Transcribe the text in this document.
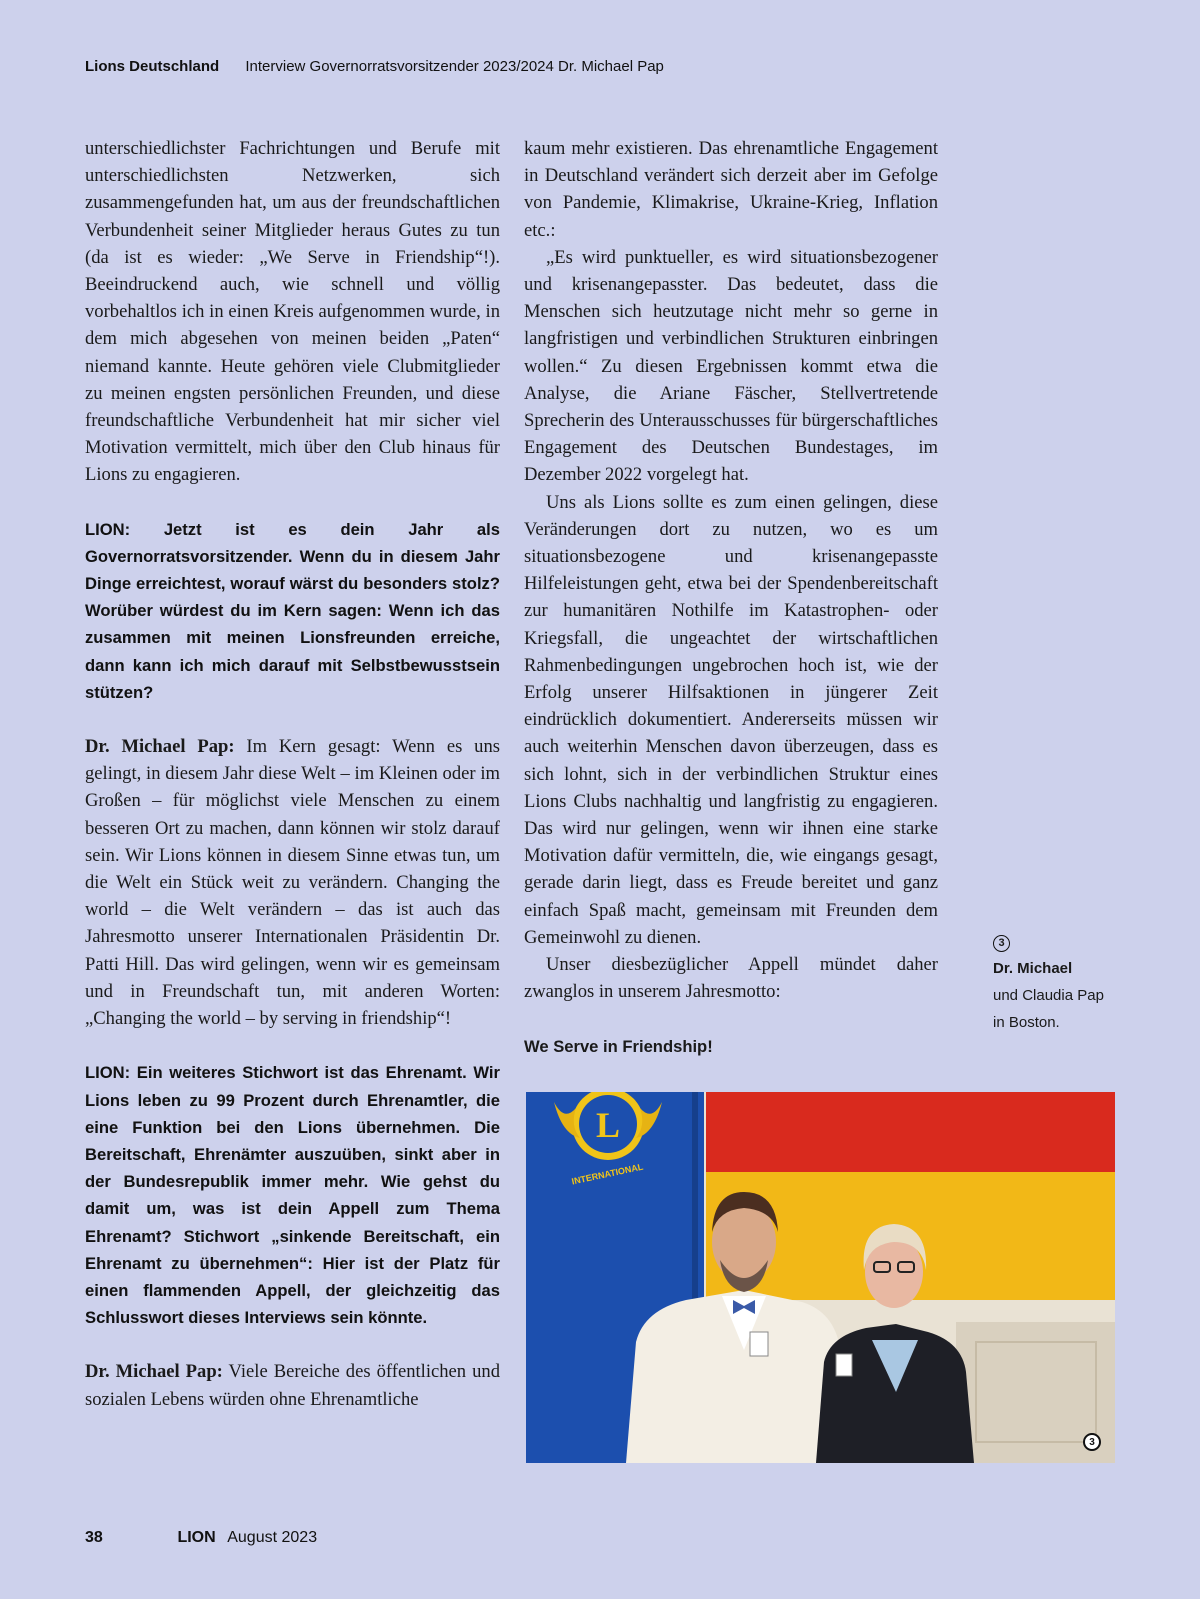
Lions Deutschland Interview Governorratsvorsitzender 2023/2024 Dr. Michael Pap

unterschiedlichster Fachrichtungen und Berufe mit unterschiedlichsten Netzwerken, sich zusammengefunden hat, um aus der freundschaftlichen Verbundenheit seiner Mitglieder heraus Gutes zu tun (da ist es wieder: „We Serve in Friendship“!). Beeindruckend auch, wie schnell und völlig vorbehaltlos ich in einen Kreis aufgenommen wurde, in dem mich abgesehen von meinen beiden „Paten“ niemand kannte. Heute gehören viele Clubmitglieder zu meinen engsten persönlichen Freunden, und diese freundschaftliche Verbundenheit hat mir sicher viel Motivation vermittelt, mich über den Club hinaus für Lions zu engagieren.

LION: Jetzt ist es dein Jahr als Governorratsvorsitzender. Wenn du in diesem Jahr Dinge erreichtest, worauf wärst du besonders stolz? Worüber würdest du im Kern sagen: Wenn ich das zusammen mit meinen Lionsfreunden erreiche, dann kann ich mich darauf mit Selbstbewusstsein stützen?

Dr. Michael Pap: Im Kern gesagt: Wenn es uns gelingt, in diesem Jahr diese Welt – im Kleinen oder im Großen – für möglichst viele Menschen zu einem besseren Ort zu machen, dann können wir stolz darauf sein. Wir Lions können in diesem Sinne etwas tun, um die Welt ein Stück weit zu verändern. Changing the world – die Welt verändern – das ist auch das Jahresmotto unserer Internationalen Präsidentin Dr. Patti Hill. Das wird gelingen, wenn wir es gemeinsam und in Freundschaft tun, mit anderen Worten: „Changing the world – by serving in friendship“!

LION: Ein weiteres Stichwort ist das Ehrenamt. Wir Lions leben zu 99 Prozent durch Ehrenamtler, die eine Funktion bei den Lions übernehmen. Die Bereitschaft, Ehrenämter auszuüben, sinkt aber in der Bundesrepublik immer mehr. Wie gehst du damit um, was ist dein Appell zum Thema Ehrenamt? Stichwort „sinkende Bereitschaft, ein Ehrenamt zu übernehmen“: Hier ist der Platz für einen flammenden Appell, der gleichzeitig das Schlusswort dieses Interviews sein könnte.

Dr. Michael Pap: Viele Bereiche des öffentlichen und sozialen Lebens würden ohne Ehrenamtliche

kaum mehr existieren. Das ehrenamtliche Engagement in Deutschland verändert sich derzeit aber im Gefolge von Pandemie, Klimakrise, Ukraine-Krieg, Inflation etc.:

„Es wird punktueller, es wird situationsbezogener und krisenangepasster. Das bedeutet, dass die Menschen sich heutzutage nicht mehr so gerne in langfristigen und verbindlichen Strukturen einbringen wollen.“ Zu diesen Ergebnissen kommt etwa die Analyse, die Ariane Fäscher, Stellvertretende Sprecherin des Unterausschusses für bürgerschaftliches Engagement des Deutschen Bundestages, im Dezember 2022 vorgelegt hat.

Uns als Lions sollte es zum einen gelingen, diese Veränderungen dort zu nutzen, wo es um situationsbezogene und krisenangepasste Hilfeleistungen geht, etwa bei der Spendenbereitschaft zur humanitären Nothilfe im Katastrophen- oder Kriegsfall, die ungeachtet der wirtschaftlichen Rahmenbedingungen ungebrochen hoch ist, wie der Erfolg unserer Hilfsaktionen in jüngerer Zeit eindrücklich dokumentiert. Andererseits müssen wir auch weiterhin Menschen davon überzeugen, dass es sich lohnt, sich in der verbindlichen Struktur eines Lions Clubs nachhaltig und langfristig zu engagieren. Das wird nur gelingen, wenn wir ihnen eine starke Motivation dafür vermitteln, die, wie eingangs gesagt, gerade darin liegt, dass es Freude bereitet und ganz einfach Spaß macht, gemeinsam mit Freunden dem Gemeinwohl zu dienen.

Unser diesbezüglicher Appell mündet daher zwanglos in unserem Jahresmotto:

We Serve in Friendship!

3
Dr. Michael
und Claudia Pap
in Boston.
L
INTERNATIONAL
3
38	LION August 2023
